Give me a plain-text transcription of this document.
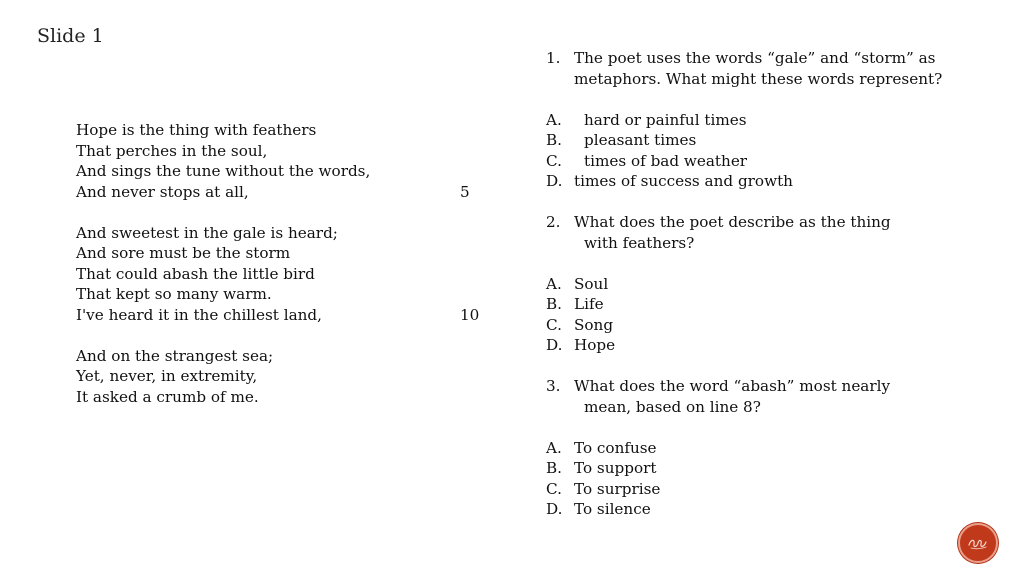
Slide 1
Hope is the thing with feathers
That perches in the soul,
And sings the tune without the words,
And never stops at all,	5
And sweetest in the gale is heard;
And sore must be the storm
That could abash the little bird
That kept so many warm.
I've heard it in the chillest land,	10
And on the strangest sea;
Yet, never, in extremity,
It asked a crumb of me.
1. The poet uses the words “gale” and “storm” as
metaphors. What might these words represent?
A.	hard or painful times
B.	pleasant times
C.	times of bad weather
D. times of success and growth
2. What does the poet describe as the thing
with feathers?
A. Soul
B. Life
C. Song
D. Hope
3. What does the word “abash” most nearly
mean, based on line 8?
A. To confuse
B. To support
C. To surprise
D. To silence
